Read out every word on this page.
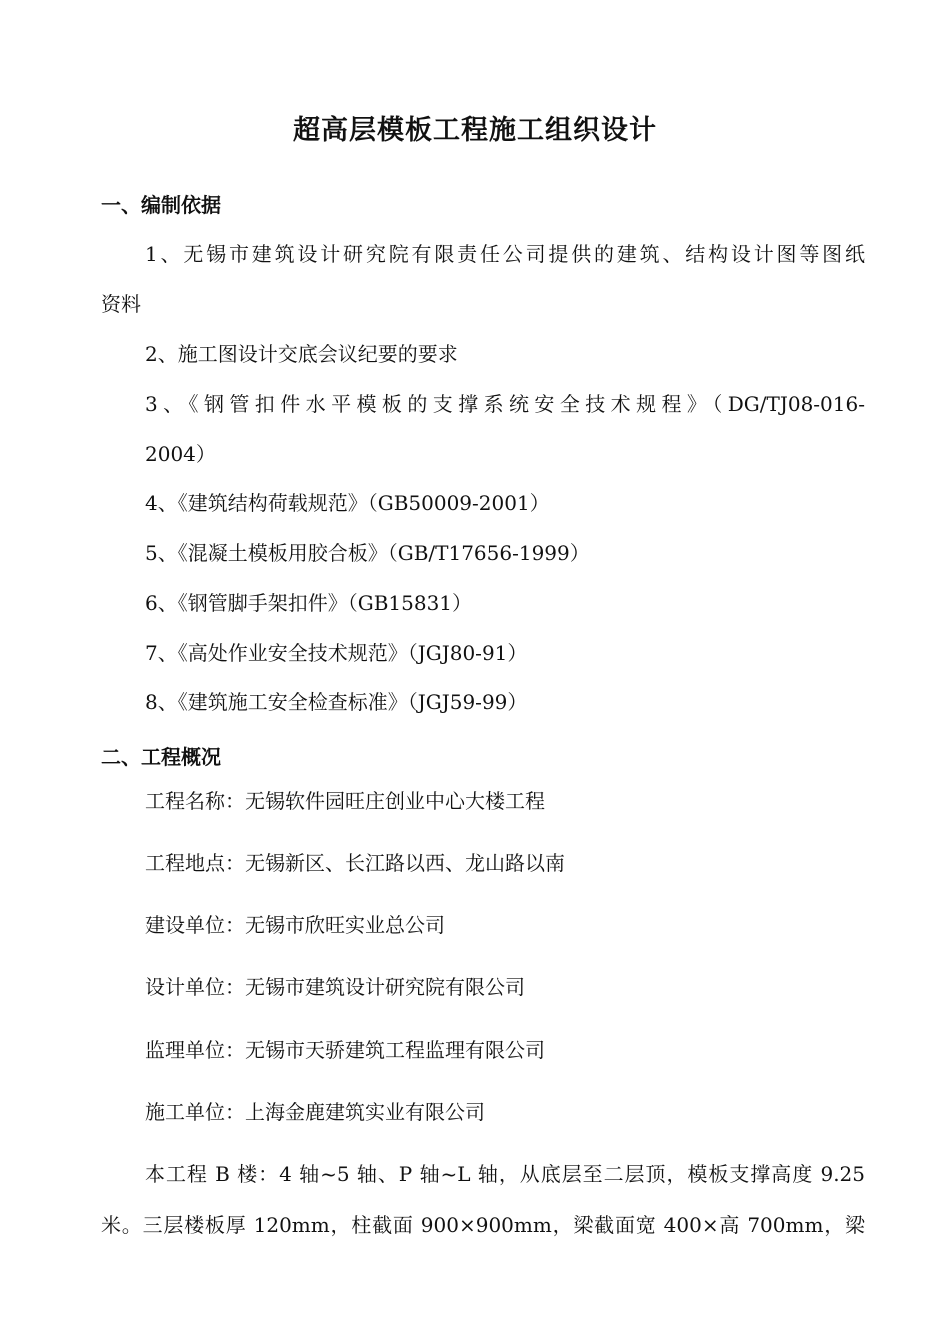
超高层模板工程施工组织设计
一、编制依据
1、无锡市建筑设计研究院有限责任公司提供的建筑、结构设计图等图纸
资料
2、施工图设计交底会议纪要的要求
3、《钢管扣件水平模板的支撑系统安全技术规程》（DG/TJ08-016-
2004）
4、《建筑结构荷载规范》（GB50009-2001）
5、《混凝土模板用胶合板》（GB/T17656-1999）
6、《钢管脚手架扣件》（GB15831）
7、《高处作业安全技术规范》（JGJ80-91）
8、《建筑施工安全检查标准》（JGJ59-99）
二、工程概况
工程名称：无锡软件园旺庄创业中心大楼工程
工程地点：无锡新区、长江路以西、龙山路以南
建设单位：无锡市欣旺实业总公司
设计单位：无锡市建筑设计研究院有限公司
监理单位：无锡市天骄建筑工程监理有限公司
施工单位：上海金鹿建筑实业有限公司
本工程 B 楼：4 轴~5 轴、P 轴~L 轴，从底层至二层顶，模板支撑高度 9.25
米。三层楼板厚 120mm，柱截面 900×900mm，梁截面宽 400×高 700mm，梁
